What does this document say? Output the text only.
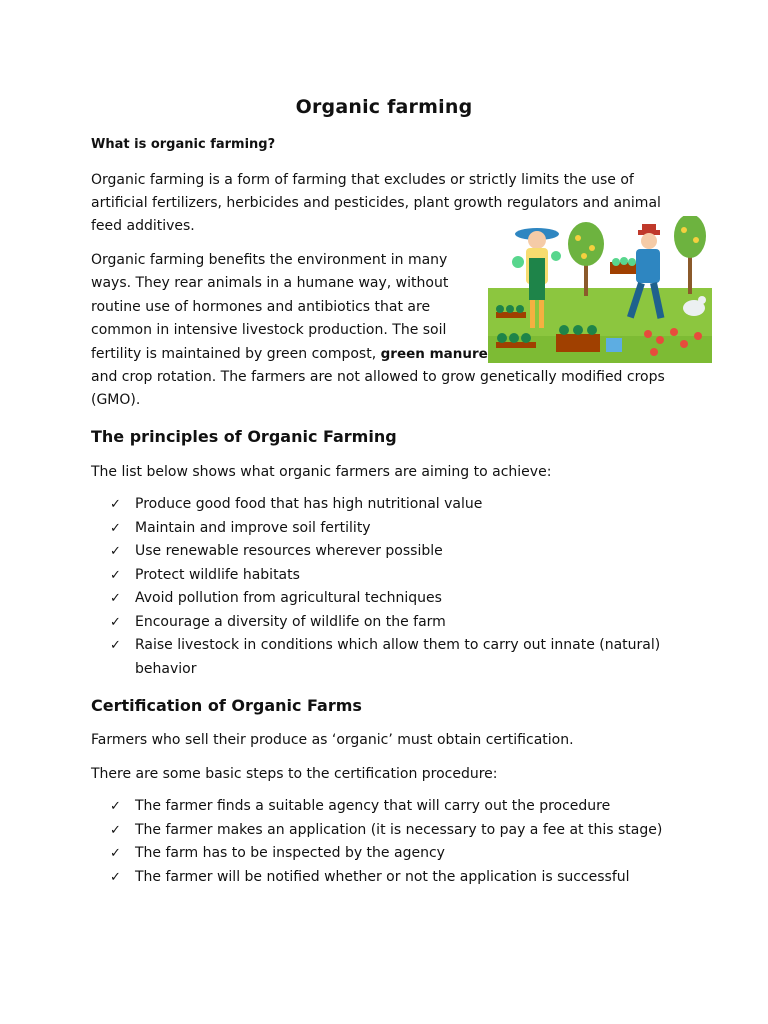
Organic farming
What is organic farming?
Organic farming is a form of farming that excludes or strictly limits the use of
artificial fertilizers, herbicides and pesticides, plant growth regulators and animal
feed additives.
Organic farming benefits the environment in many
ways. They rear animals in a humane way, without
routine use of hormones and antibiotics that are
common in intensive livestock production. The soil
fertility is maintained by green compost, green manure
and crop rotation. The farmers are not allowed to grow genetically modified crops
(GMO).
The principles of Organic Farming
The list below shows what organic farmers are aiming to achieve:
✓ Produce good food that has high nutritional value
✓ Maintain and improve soil fertility
✓ Use renewable resources wherever possible
✓ Protect wildlife habitats
✓ Avoid pollution from agricultural techniques
✓ Encourage a diversity of wildlife on the farm
✓ Raise livestock in conditions which allow them to carry out innate (natural)
behavior
Certification of Organic Farms
Farmers who sell their produce as ‘organic’ must obtain certification.
There are some basic steps to the certification procedure:
✓ The farmer finds a suitable agency that will carry out the procedure
✓ The farmer makes an application (it is necessary to pay a fee at this stage)
✓ The farm has to be inspected by the agency
✓ The farmer will be notified whether or not the application is successful
